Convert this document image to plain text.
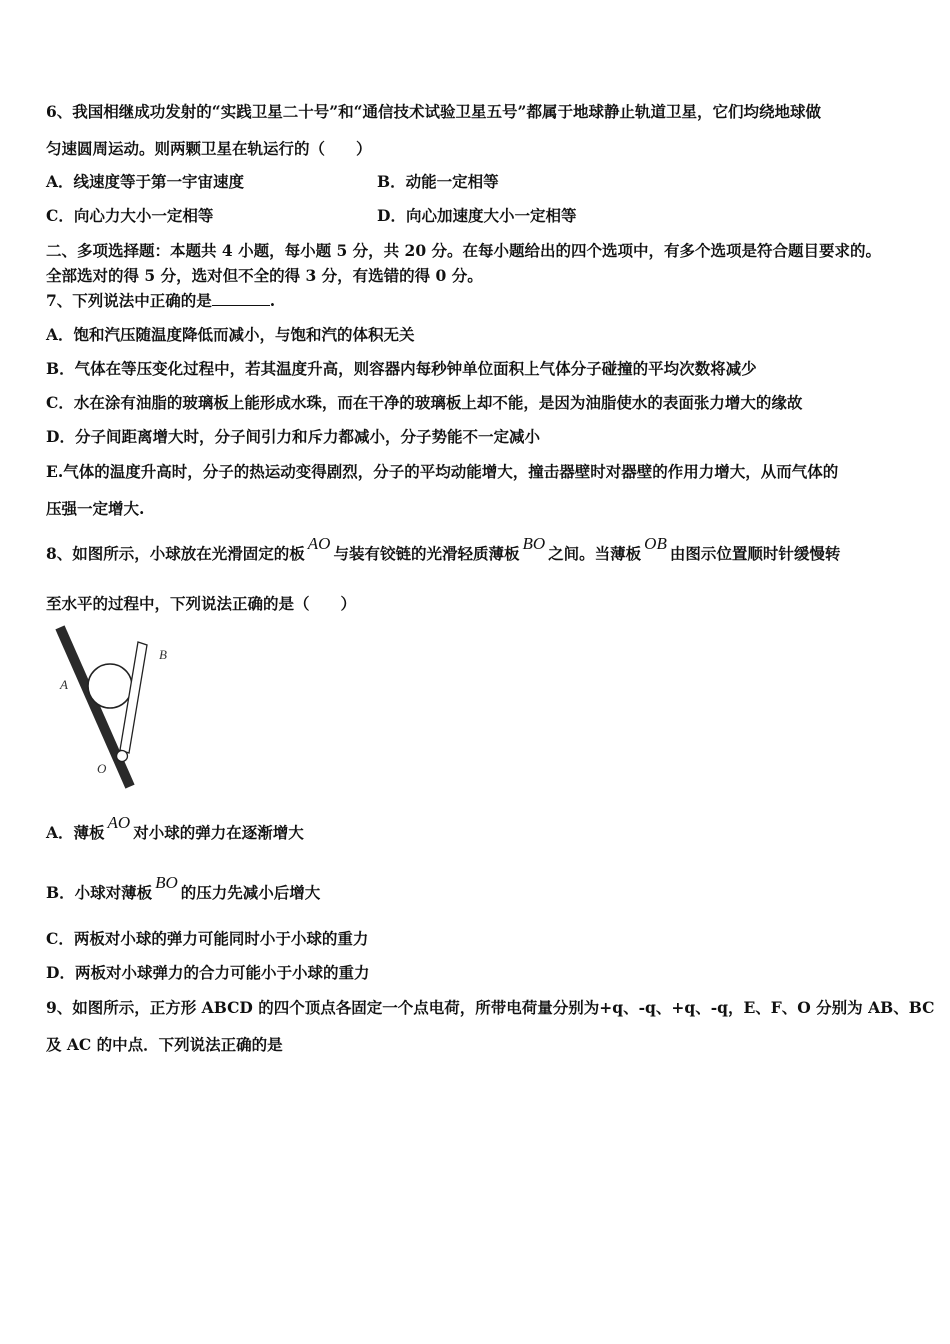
6、我国相继成功发射的“实践卫星二十号”和“通信技术试验卫星五号”都属于地球静止轨道卫星，它们均绕地球做
匀速圆周运动。则两颗卫星在轨运行的（　　）
A．线速度等于第一宇宙速度	B．动能一定相等
C．向心力大小一定相等	D．向心加速度大小一定相等
二、多项选择题：本题共 4 小题，每小题 5 分，共 20 分。在每小题给出的四个选项中，有多个选项是符合题目要求的。
全部选对的得 5 分，选对但不全的得 3 分，有选错的得 0 分。
7、下列说法中正确的是	.
A．饱和汽压随温度降低而减小，与饱和汽的体积无关
B．气体在等压变化过程中，若其温度升高，则容器内每秒钟单位面积上气体分子碰撞的平均次数将减少
C．水在涂有油脂的玻璃板上能形成水珠，而在干净的玻璃板上却不能，是因为油脂使水的表面张力增大的缘故
D．分子间距离增大时，分子间引力和斥力都减小，分子势能不一定减小
E.气体的温度升高时，分子的热运动变得剧烈，分子的平均动能增大，撞击器壁时对器壁的作用力增大，从而气体的
压强一定增大.
8、如图所示，小球放在光滑固定的板AO与装有铰链的光滑轻质薄板BO之间。当薄板OB由图示位置顺时针缓慢转
至水平的过程中，下列说法正确的是（　　）
A
B
O
A．薄板AO对小球的弹力在逐渐增大
B．小球对薄板BO的压力先减小后增大
C．两板对小球的弹力可能同时小于小球的重力
D．两板对小球弹力的合力可能小于小球的重力
9、如图所示，正方形 ABCD 的四个顶点各固定一个点电荷，所带电荷量分别为+q、-q、+q、-q，E、F、O 分别为 AB、BC
及 AC 的中点．下列说法正确的是
